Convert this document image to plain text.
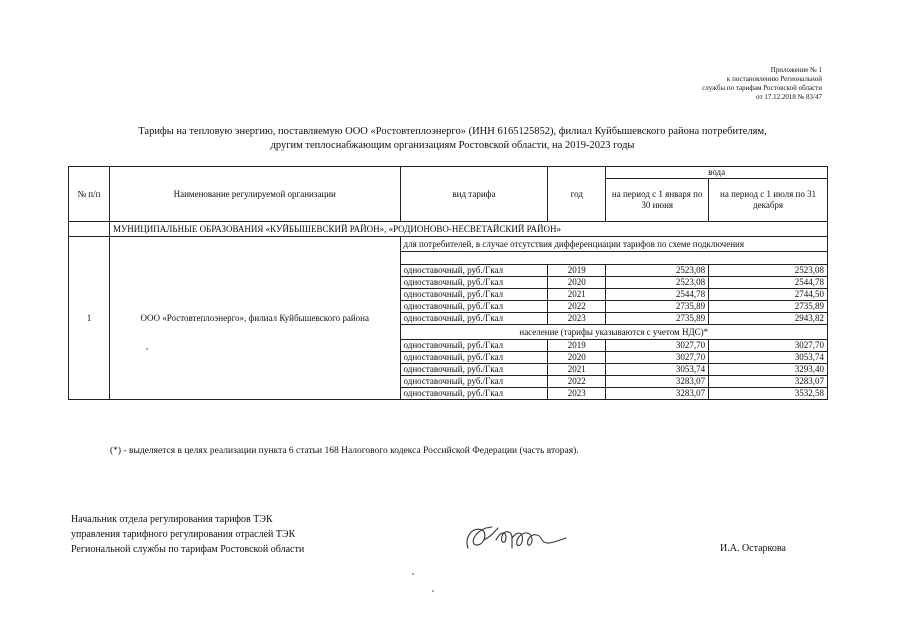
Приложение № 1
к постановлению Региональной
службы по тарифам Ростовской области
от 17.12.2018 № 83/47
Тарифы на тепловую энергию, поставляемую ООО «Ростовтеплоэнерго» (ИНН 6165125852), филиал Куйбышевского района потребителям,
другим теплоснабжающим организациям Ростовской области, на 2019-2023 годы
№ п/п	Наименование регулируемой организации	вид тарифа	год	вода	
				на период с 1 января по 30 июня	на период с 1 июля по 31 декабря
	МУНИЦИПАЛЬНЫЕ ОБРАЗОВАНИЯ «КУЙБЫШЕВСКИЙ РАЙОН», «РОДИОНОВО-НЕСВЕТАЙСКИЙ РАЙОН»				
1	ООО «Ростовтеплоэнерго», филиал Куйбышевского района	для потребителей, в случае отсутствия дифференциации тарифов по схеме подключения			

		одноставочный, руб./Гкал	2019	2523,08	2523,08
		одноставочный, руб./Гкал	2020	2523,08	2544,78
		одноставочный, руб./Гкал	2021	2544,78	2744,50
		одноставочный, руб./Гкал	2022	2735,89	2735,89
		одноставочный, руб./Гкал	2023	2735,89	2943,82
		население (тарифы указываются с учетом НДС)*			
		одноставочный, руб./Гкал	2019	3027,70	3027,70
		одноставочный, руб./Гкал	2020	3027,70	3053,74
		одноставочный, руб./Гкал	2021	3053,74	3293,40
		одноставочный, руб./Гкал	2022	3283,07	3283,07
		одноставочный, руб./Гкал	2023	3283,07	3532,58
(*) - выделяется в целях реализации пункта 6 статьи 168 Налогового кодекса Российской Федерации (часть вторая).
Начальник отдела регулирования тарифов ТЭК
управления тарифного регулирования отраслей ТЭК
Региональной службы по тарифам Ростовской области	И.А. Остаркова
